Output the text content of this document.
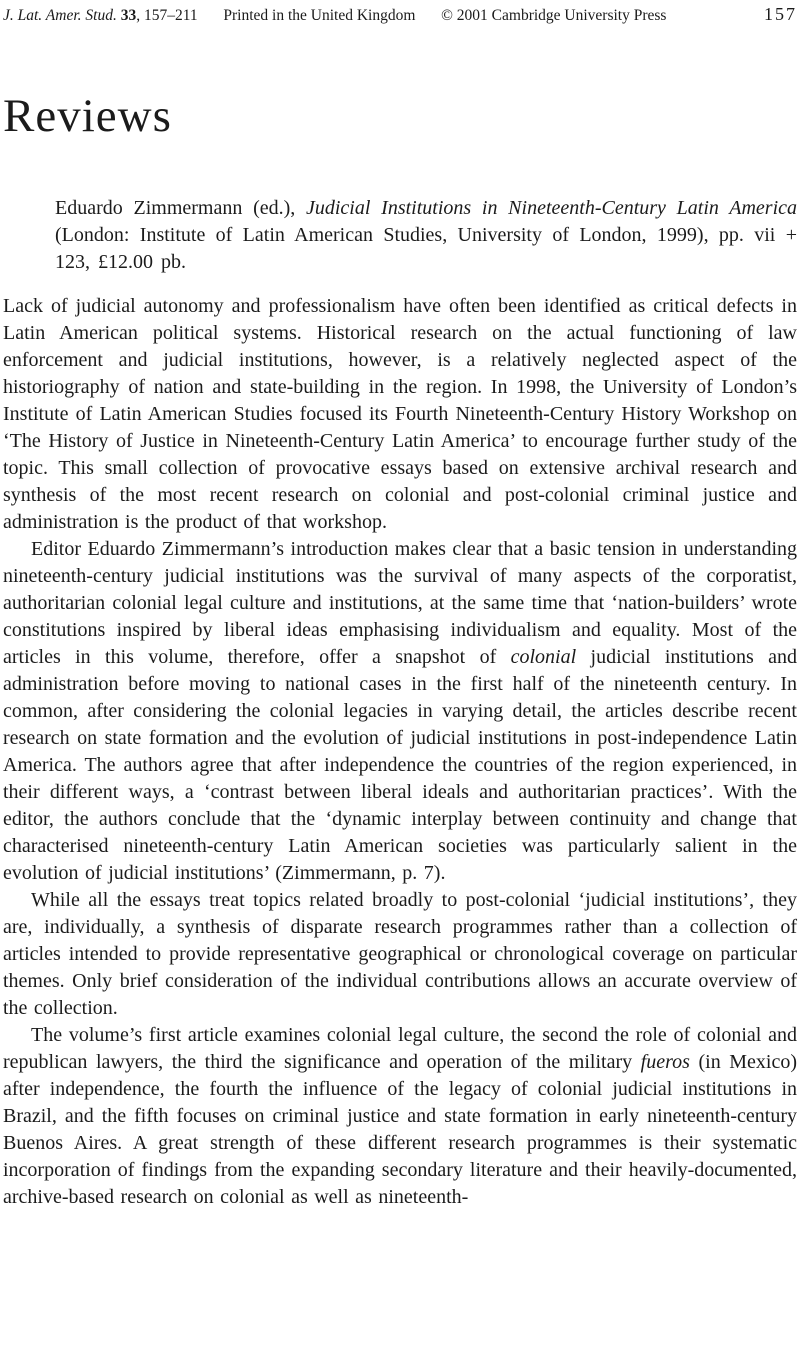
J. Lat. Amer. Stud. 33, 157–211 Printed in the United Kingdom © 2001 Cambridge University Press	157
Reviews

Eduardo Zimmermann (ed.), Judicial Institutions in Nineteenth-Century Latin America (London: Institute of Latin American Studies, University of London, 1999), pp. vii + 123, £12.00 pb.

Lack of judicial autonomy and professionalism have often been identified as critical defects in Latin American political systems. Historical research on the actual functioning of law enforcement and judicial institutions, however, is a relatively neglected aspect of the historiography of nation and state-building in the region. In 1998, the University of London’s Institute of Latin American Studies focused its Fourth Nineteenth-Century History Workshop on ‘The History of Justice in Nineteenth-Century Latin America’ to encourage further study of the topic. This small collection of provocative essays based on extensive archival research and synthesis of the most recent research on colonial and post-colonial criminal justice and administration is the product of that workshop.

Editor Eduardo Zimmermann’s introduction makes clear that a basic tension in understanding nineteenth-century judicial institutions was the survival of many aspects of the corporatist, authoritarian colonial legal culture and institutions, at the same time that ‘nation-builders’ wrote constitutions inspired by liberal ideas emphasising individualism and equality. Most of the articles in this volume, therefore, offer a snapshot of colonial judicial institutions and administration before moving to national cases in the first half of the nineteenth century. In common, after considering the colonial legacies in varying detail, the articles describe recent research on state formation and the evolution of judicial institutions in post-independence Latin America. The authors agree that after independence the countries of the region experienced, in their different ways, a ‘contrast between liberal ideals and authoritarian practices’. With the editor, the authors conclude that the ‘dynamic interplay between continuity and change that characterised nineteenth-century Latin American societies was particularly salient in the evolution of judicial institutions’ (Zimmermann, p. 7).

While all the essays treat topics related broadly to post-colonial ‘judicial institutions’, they are, individually, a synthesis of disparate research programmes rather than a collection of articles intended to provide representative geographical or chronological coverage on particular themes. Only brief consideration of the individual contributions allows an accurate overview of the collection.

The volume’s first article examines colonial legal culture, the second the role of colonial and republican lawyers, the third the significance and operation of the military fueros (in Mexico) after independence, the fourth the influence of the legacy of colonial judicial institutions in Brazil, and the fifth focuses on criminal justice and state formation in early nineteenth-century Buenos Aires. A great strength of these different research programmes is their systematic incorporation of findings from the expanding secondary literature and their heavily-documented, archive-based research on colonial as well as nineteenth-
